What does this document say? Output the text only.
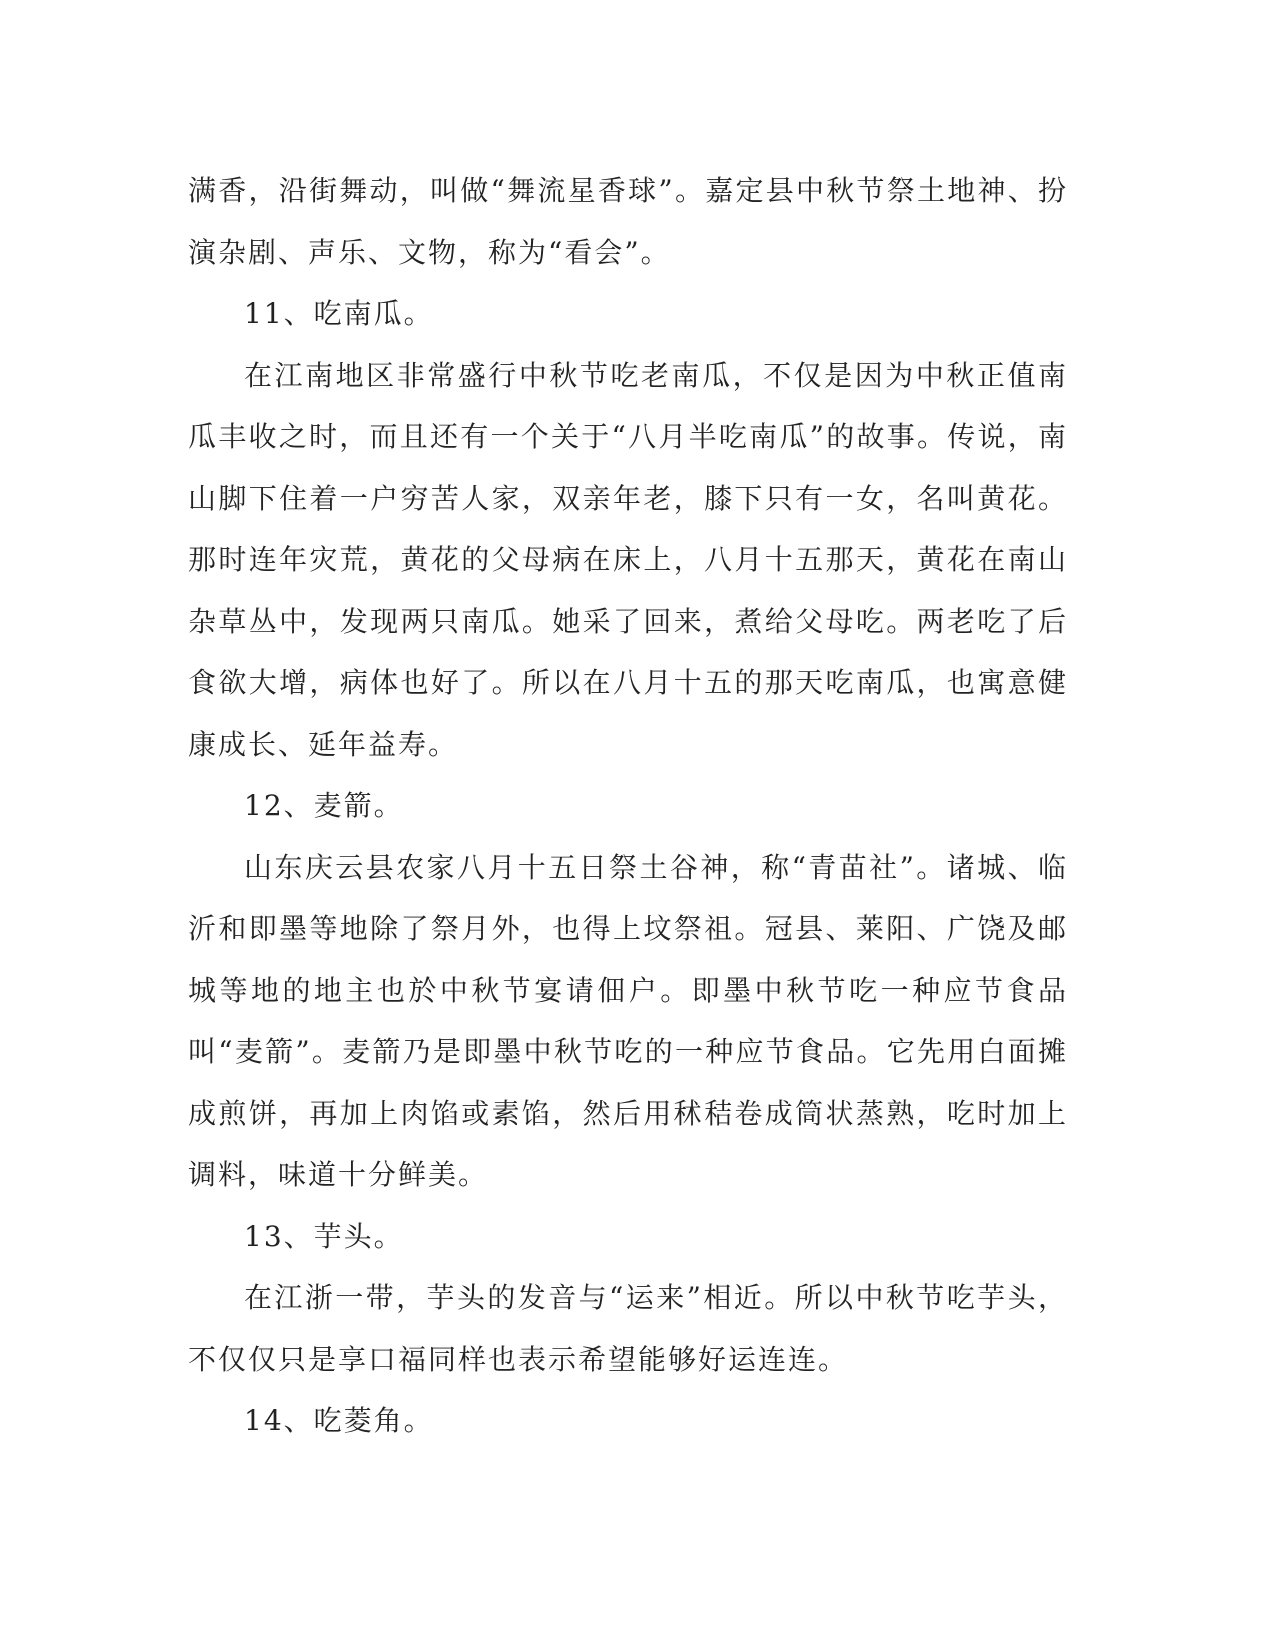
满香，沿街舞动，叫做“舞流星香球”。嘉定县中秋节祭土地神、扮演杂剧、声乐、文物，称为“看会”。

11、吃南瓜。

在江南地区非常盛行中秋节吃老南瓜，不仅是因为中秋正值南瓜丰收之时，而且还有一个关于“八月半吃南瓜”的故事。传说，南山脚下住着一户穷苦人家，双亲年老，膝下只有一女，名叫黄花。那时连年灾荒，黄花的父母病在床上，八月十五那天，黄花在南山杂草丛中，发现两只南瓜。她采了回来，煮给父母吃。两老吃了后食欲大增，病体也好了。所以在八月十五的那天吃南瓜，也寓意健康成长、延年益寿。

12、麦箭。

山东庆云县农家八月十五日祭土谷神，称“青苗社”。诸城、临沂和即墨等地除了祭月外，也得上坟祭祖。冠县、莱阳、广饶及邮城等地的地主也於中秋节宴请佃户。即墨中秋节吃一种应节食品叫“麦箭”。麦箭乃是即墨中秋节吃的一种应节食品。它先用白面摊成煎饼，再加上肉馅或素馅，然后用秫秸卷成筒状蒸熟，吃时加上调料，味道十分鲜美。

13、芋头。

在江浙一带，芋头的发音与“运来”相近。所以中秋节吃芋头，不仅仅只是享口福同样也表示希望能够好运连连。

14、吃菱角。
